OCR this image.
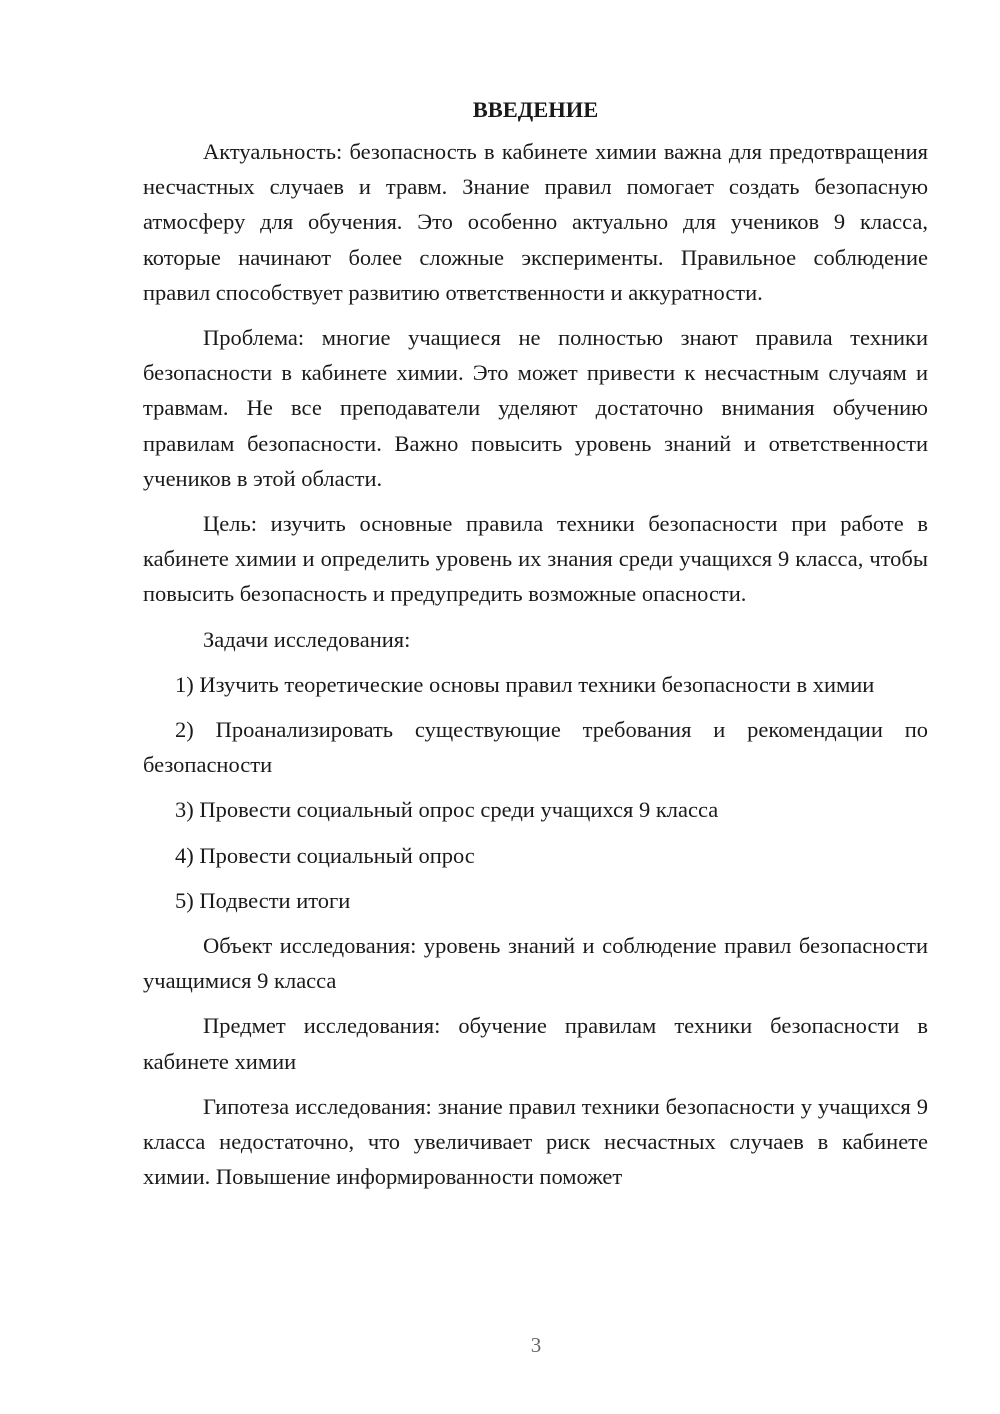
ВВЕДЕНИЕ

Актуальность: безопасность в кабинете химии важна для предотвращения несчастных случаев и травм. Знание правил помогает создать безопасную атмосферу для обучения. Это особенно актуально для учеников 9 класса, которые начинают более сложные эксперименты. Правильное соблюдение правил способствует развитию ответственности и аккуратности.

Проблема: многие учащиеся не полностью знают правила техники безопасности в кабинете химии. Это может привести к несчастным случаям и травмам. Не все преподаватели уделяют достаточно внимания обучению правилам безопасности. Важно повысить уровень знаний и ответственности учеников в этой области.

Цель: изучить основные правила техники безопасности при работе в кабинете химии и определить уровень их знания среди учащихся 9 класса, чтобы повысить безопасность и предупредить возможные опасности.

Задачи исследования:

1) Изучить теоретические основы правил техники безопасности в химии

2) Проанализировать существующие требования и рекомендации по безопасности

3) Провести социальный опрос среди учащихся 9 класса

4) Провести социальный опрос

5) Подвести итоги

Объект исследования: уровень знаний и соблюдение правил безопасности учащимися 9 класса

Предмет исследования: обучение правилам техники безопасности в кабинете химии

Гипотеза исследования: знание правил техники безопасности у учащихся 9 класса недостаточно, что увеличивает риск несчастных случаев в кабинете химии. Повышение информированности поможет

3
